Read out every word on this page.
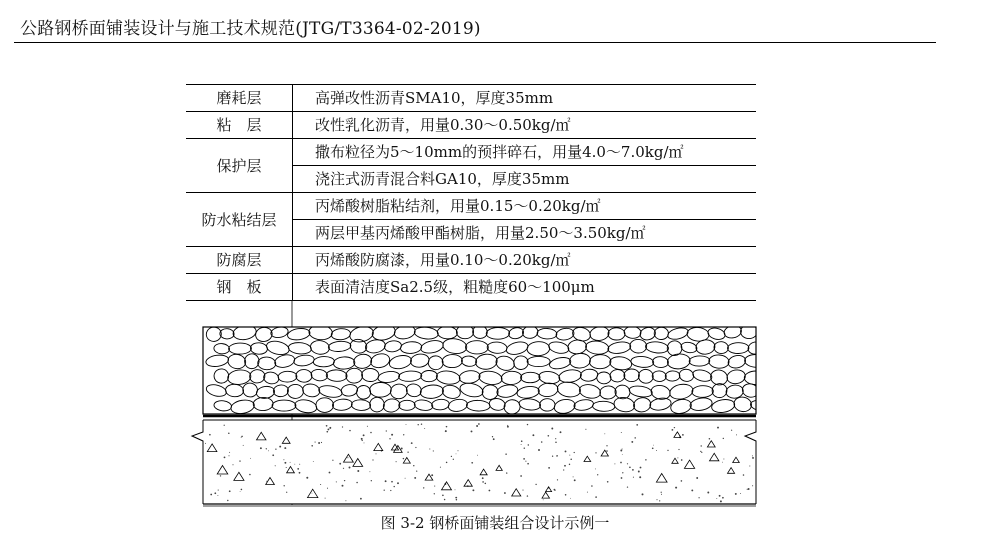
公路钢桥面铺装设计与施工技术规范(JTG/T3364-02-2019)
磨耗层	高弹改性沥青SMA10，厚度35mm
粘　层	改性乳化沥青，用量0.30～0.50kg/㎡
保护层	撒布粒径为5～10mm的预拌碎石，用量4.0～7.0kg/㎡
	浇注式沥青混合料GA10，厚度35mm
防水粘结层	丙烯酸树脂粘结剂，用量0.15～0.20kg/㎡
	两层甲基丙烯酸甲酯树脂，用量2.50～3.50kg/㎡
防腐层	丙烯酸防腐漆，用量0.10～0.20kg/㎡
钢　板	表面清洁度Sa2.5级，粗糙度60～100μm
图 3-2 钢桥面铺装组合设计示例一
